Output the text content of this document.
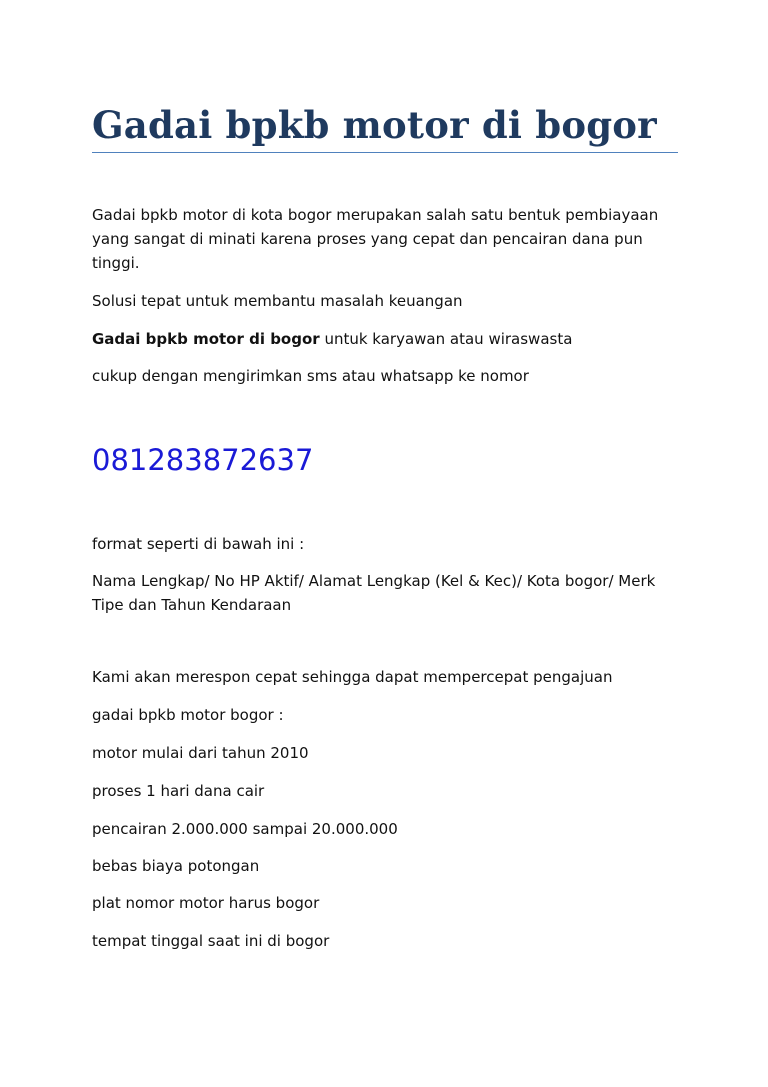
Gadai bpkb motor di bogor

Gadai bpkb motor di kota bogor merupakan salah satu bentuk pembiayaan yang sangat di minati karena proses yang cepat dan pencairan dana pun tinggi.

Solusi tepat untuk membantu masalah keuangan

Gadai bpkb motor di bogor untuk karyawan atau wiraswasta

cukup dengan mengirimkan sms atau whatsapp ke nomor

081283872637

format seperti di bawah ini :

Nama Lengkap/ No HP Aktif/ Alamat Lengkap (Kel & Kec)/ Kota bogor/ Merk Tipe dan Tahun Kendaraan

Kami akan merespon cepat sehingga dapat mempercepat pengajuan

gadai bpkb motor bogor :

motor mulai dari tahun 2010

proses 1 hari dana cair

pencairan 2.000.000 sampai 20.000.000

bebas biaya potongan

plat nomor motor harus bogor

tempat tinggal saat ini di bogor
